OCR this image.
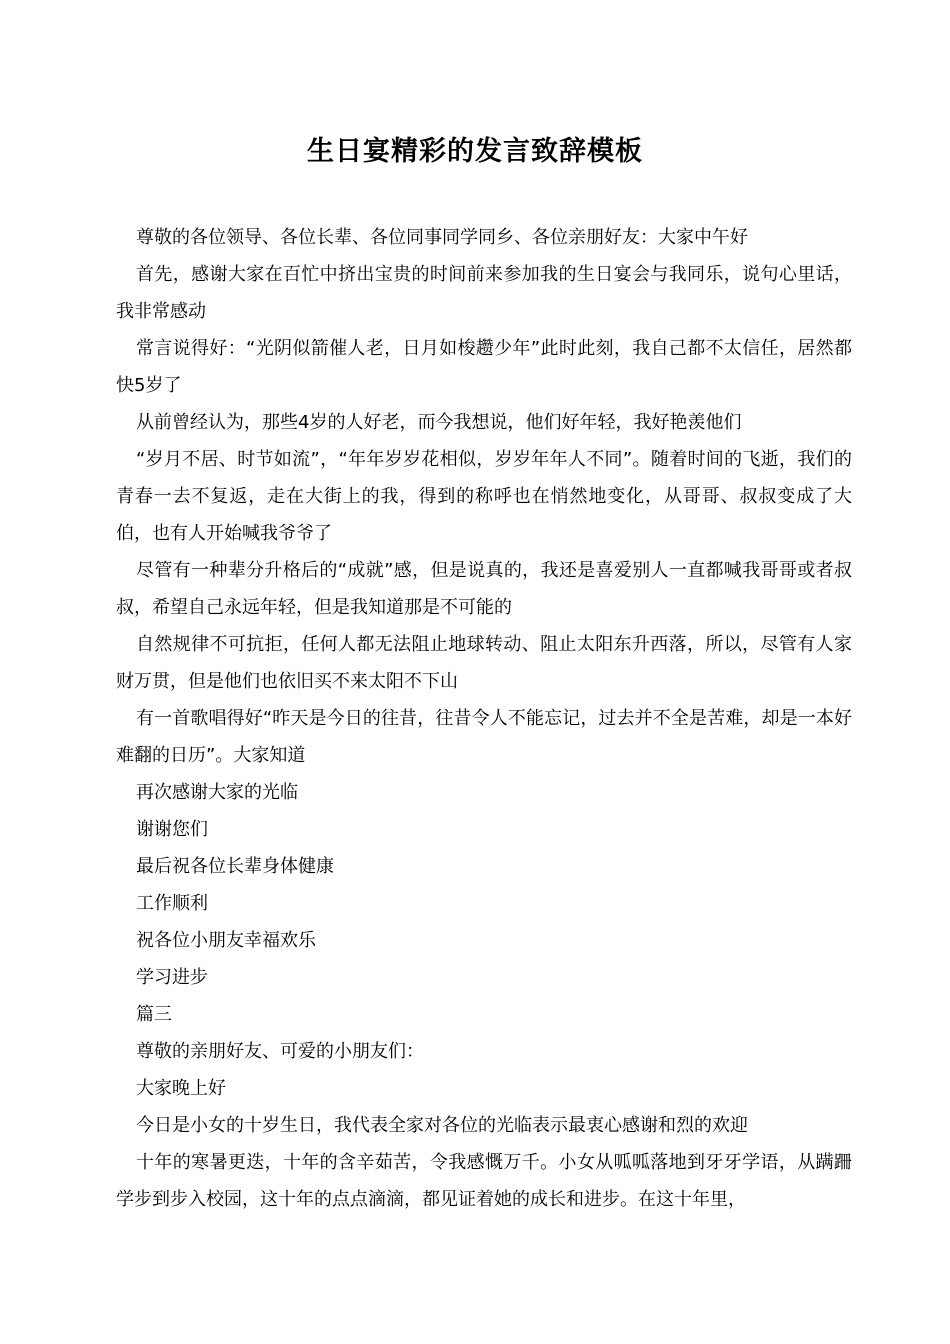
生日宴精彩的发言致辞模板

尊敬的各位领导、各位长辈、各位同事同学同乡、各位亲朋好友：大家中午好

首先，感谢大家在百忙中挤出宝贵的时间前来参加我的生日宴会与我同乐，说句心里话，我非常感动

常言说得好：“光阴似箭催人老，日月如梭趱少年”此时此刻，我自己都不太信任，居然都快5岁了

从前曾经认为，那些4岁的人好老，而今我想说，他们好年轻，我好艳羡他们

“岁月不居、时节如流”，“年年岁岁花相似，岁岁年年人不同”。随着时间的飞逝，我们的青春一去不复返，走在大街上的我，得到的称呼也在悄然地变化，从哥哥、叔叔变成了大伯，也有人开始喊我爷爷了

尽管有一种辈分升格后的“成就”感，但是说真的，我还是喜爱别人一直都喊我哥哥或者叔叔，希望自己永远年轻，但是我知道那是不可能的

自然规律不可抗拒，任何人都无法阻止地球转动、阻止太阳东升西落，所以，尽管有人家财万贯，但是他们也依旧买不来太阳不下山

有一首歌唱得好“昨天是今日的往昔，往昔令人不能忘记，过去并不全是苦难，却是一本好难翻的日历”。大家知道

再次感谢大家的光临

谢谢您们

最后祝各位长辈身体健康

工作顺利

祝各位小朋友幸福欢乐

学习进步

篇三

尊敬的亲朋好友、可爱的小朋友们：

大家晚上好

今日是小女的十岁生日，我代表全家对各位的光临表示最衷心感谢和烈的欢迎

十年的寒暑更迭，十年的含辛茹苦，令我感慨万千。小女从呱呱落地到牙牙学语，从蹒跚学步到步入校园，这十年的点点滴滴，都见证着她的成长和进步。在这十年里，
